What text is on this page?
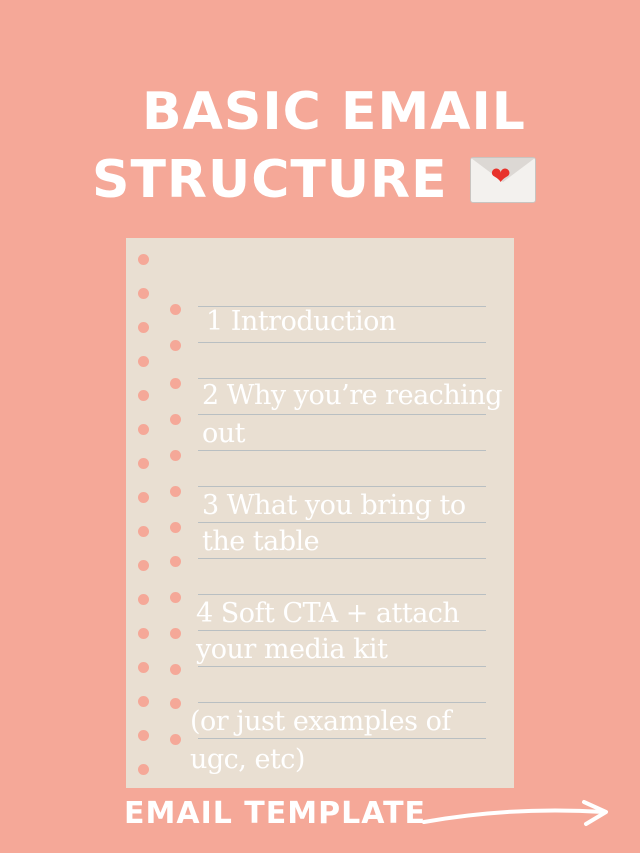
BASIC EMAIL
STRUCTURE ❤
1 Introduction
2 Why you’re reaching
out
3 What you bring to
the table
4 Soft CTA + attach
your media kit
(or just examples of
ugc, etc)
EMAIL TEMPLATE
